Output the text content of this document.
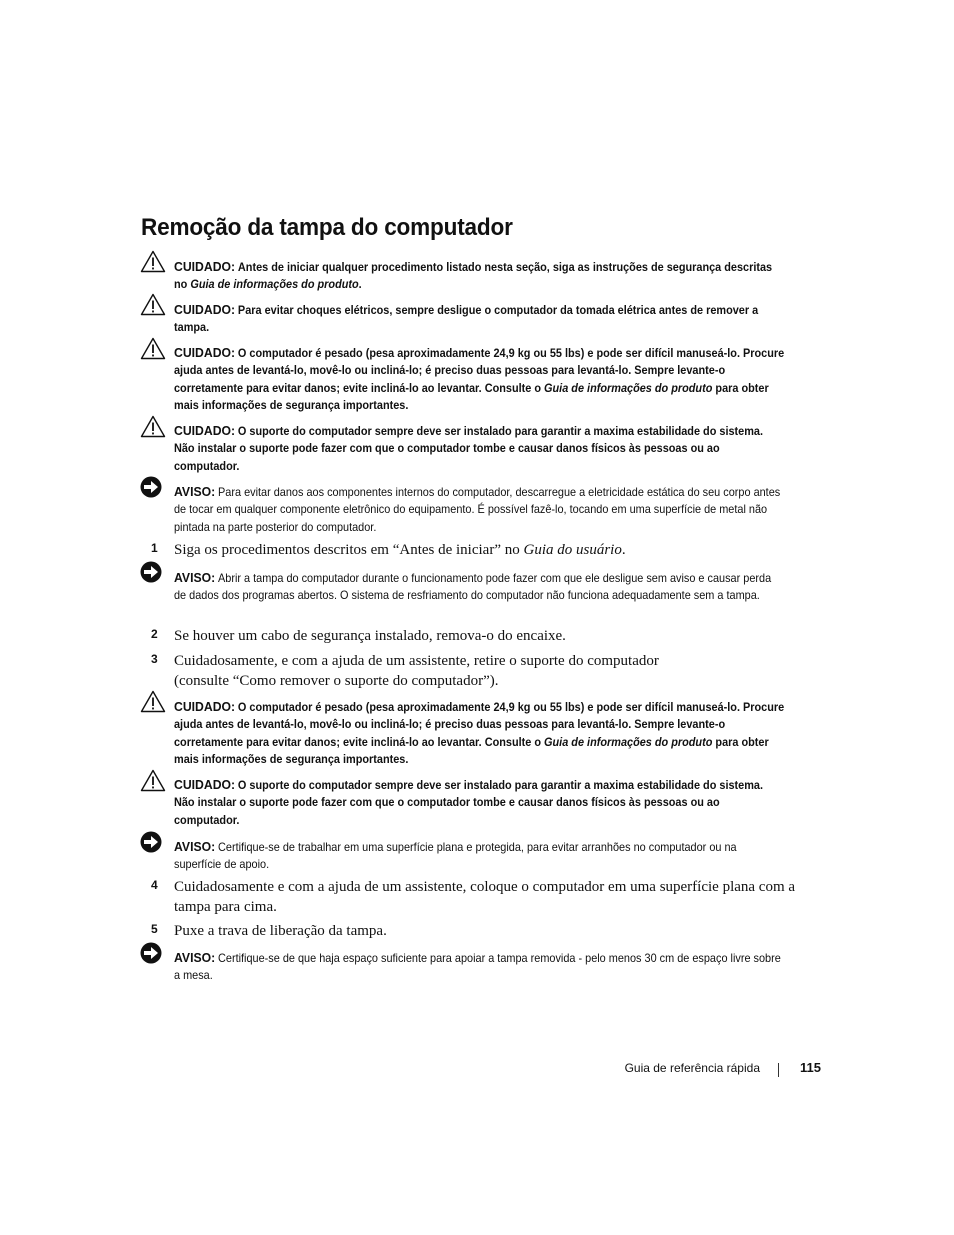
Remoção da tampa do computador
CUIDADO: Antes de iniciar qualquer procedimento listado nesta seção, siga as instruções de segurança descritas no Guia de informações do produto.
CUIDADO: Para evitar choques elétricos, sempre desligue o computador da tomada elétrica antes de remover a tampa.
CUIDADO: O computador é pesado (pesa aproximadamente 24,9 kg ou 55 lbs) e pode ser difícil manuseá-lo. Procure ajuda antes de levantá-lo, movê-lo ou incliná-lo; é preciso duas pessoas para levantá-lo. Sempre levante-o corretamente para evitar danos; evite incliná-lo ao levantar. Consulte o Guia de informações do produto para obter mais informações de segurança importantes.
CUIDADO: O suporte do computador sempre deve ser instalado para garantir a maxima estabilidade do sistema. Não instalar o suporte pode fazer com que o computador tombe e causar danos físicos às pessoas ou ao computador.
AVISO: Para evitar danos aos componentes internos do computador, descarregue a eletricidade estática do seu corpo antes de tocar em qualquer componente eletrônico do equipamento. É possível fazê-lo, tocando em uma superfície de metal não pintada na parte posterior do computador.
1 Siga os procedimentos descritos em “Antes de iniciar” no Guia do usuário.
AVISO: Abrir a tampa do computador durante o funcionamento pode fazer com que ele desligue sem aviso e causar perda de dados dos programas abertos. O sistema de resfriamento do computador não funciona adequadamente sem a tampa.
2 Se houver um cabo de segurança instalado, remova-o do encaixe.
3 Cuidadosamente, e com a ajuda de um assistente, retire o suporte do computador (consulte “Como remover o suporte do computador”).
CUIDADO: O computador é pesado (pesa aproximadamente 24,9 kg ou 55 lbs) e pode ser difícil manuseá-lo. Procure ajuda antes de levantá-lo, movê-lo ou incliná-lo; é preciso duas pessoas para levantá-lo. Sempre levante-o corretamente para evitar danos; evite incliná-lo ao levantar. Consulte o Guia de informações do produto para obter mais informações de segurança importantes.
CUIDADO: O suporte do computador sempre deve ser instalado para garantir a maxima estabilidade do sistema. Não instalar o suporte pode fazer com que o computador tombe e causar danos físicos às pessoas ou ao computador.
AVISO: Certifique-se de trabalhar em uma superfície plana e protegida, para evitar arranhões no computador ou na superfície de apoio.
4 Cuidadosamente e com a ajuda de um assistente, coloque o computador em uma superfície plana com a tampa para cima.
5 Puxe a trava de liberação da tampa.
AVISO: Certifique-se de que haja espaço suficiente para apoiar a tampa removida - pelo menos 30 cm de espaço livre sobre a mesa.
Guia de referência rápida	115
